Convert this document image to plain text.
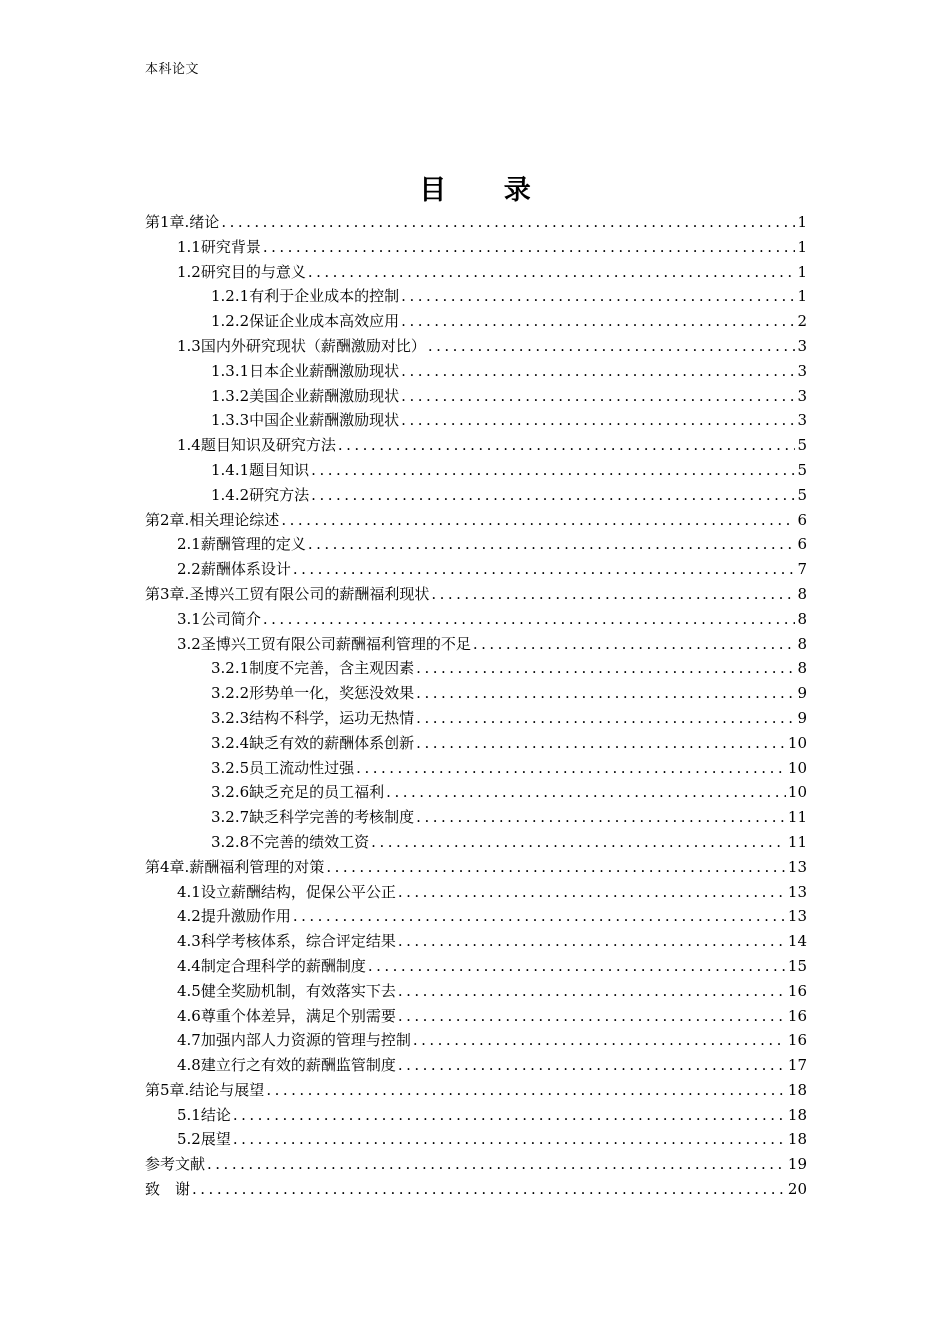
本科论文
目 录
第1章.绪论 .....	1
1.1研究背景 .....	1
1.2研究目的与意义 .....	1
1.2.1有利于企业成本的控制 .....	1
1.2.2保证企业成本高效应用 .....	2
1.3国内外研究现状（薪酬激励对比） .....	3
1.3.1日本企业薪酬激励现状 .....	3
1.3.2美国企业薪酬激励现状 .....	3
1.3.3中国企业薪酬激励现状 .....	3
1.4题目知识及研究方法 .....	5
1.4.1题目知识 .....	5
1.4.2研究方法 .....	5
第2章.相关理论综述 .....	6
2.1薪酬管理的定义 .....	6
2.2薪酬体系设计 .....	7
第3章.圣博兴工贸有限公司的薪酬福利现状 .....	8
3.1公司简介 .....	8
3.2圣博兴工贸有限公司薪酬福利管理的不足 .....	8
3.2.1制度不完善，含主观因素 .....	8
3.2.2形势单一化，奖惩没效果 .....	9
3.2.3结构不科学，运功无热情 .....	9
3.2.4缺乏有效的薪酬体系创新 .....	10
3.2.5员工流动性过强 .....	10
3.2.6缺乏充足的员工福利 .....	10
3.2.7缺乏科学完善的考核制度 .....	11
3.2.8不完善的绩效工资 .....	11
第4章.薪酬福利管理的对策 .....	13
4.1设立薪酬结构，促保公平公正 .....	13
4.2提升激励作用 .....	13
4.3科学考核体系，综合评定结果 .....	14
4.4制定合理科学的薪酬制度 .....	15
4.5健全奖励机制，有效落实下去 .....	16
4.6尊重个体差异，满足个别需要 .....	16
4.7加强内部人力资源的管理与控制 .....	16
4.8建立行之有效的薪酬监管制度 .....	17
第5章.结论与展望 .....	18
5.1结论 .....	18
5.2展望 .....	18
参考文献 .....	19
致　谢 .....	20
